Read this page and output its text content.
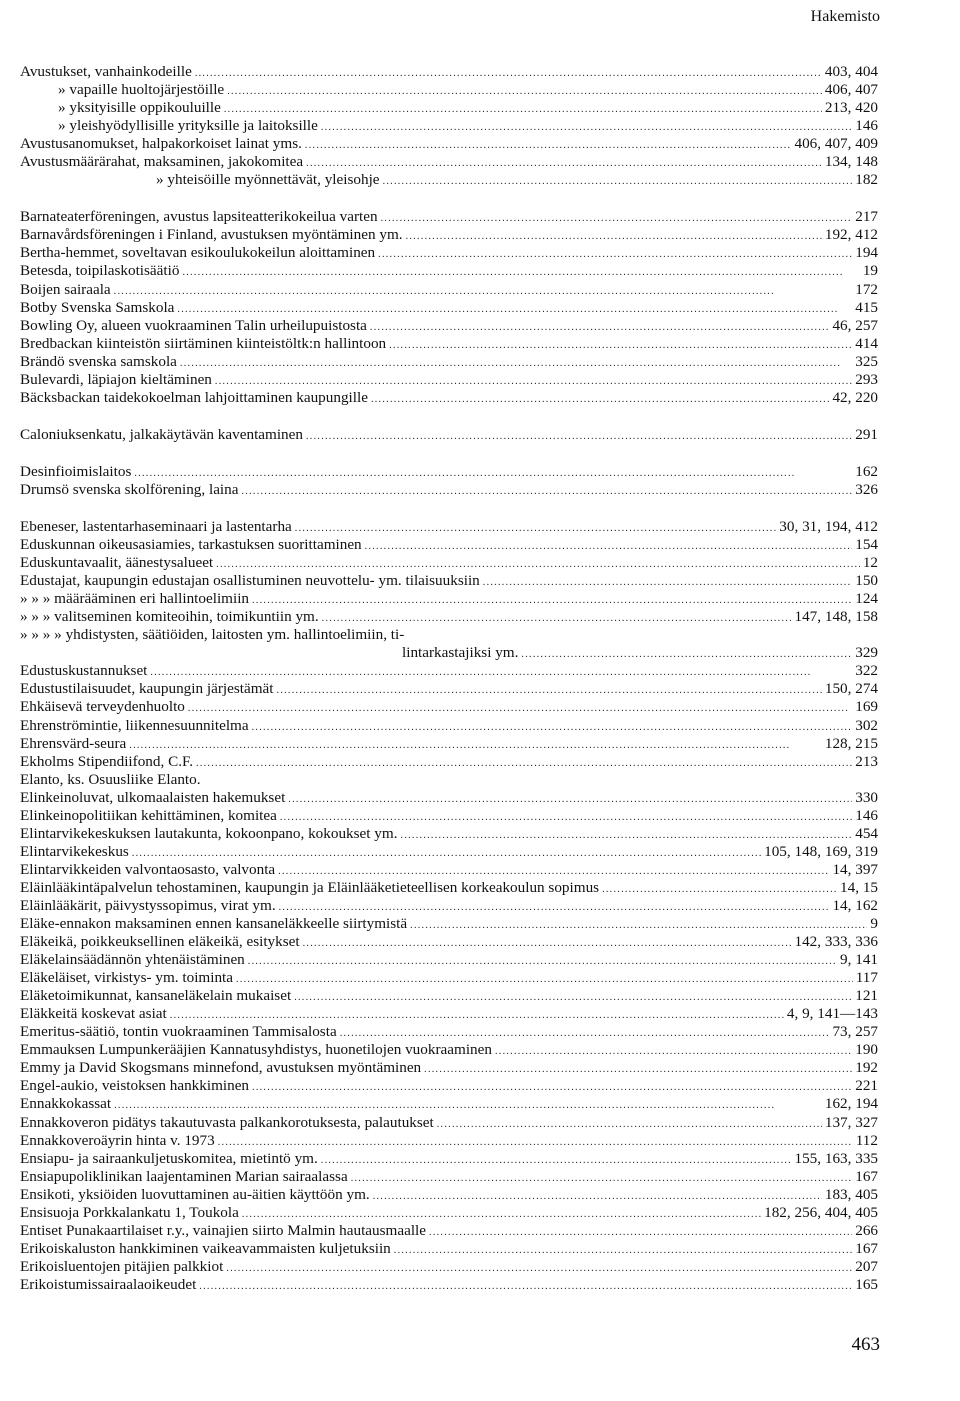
Hakemisto
Avustukset, vanhainkodeille .....	403, 404
» vapaille huoltojärjestöille .....	406, 407
» yksityisille oppikouluille .....	213, 420
» yleishyödyllisille yrityksille ja laitoksille .....	146
Avustusanomukset, halpakorkoiset lainat yms. .....	406, 407, 409
Avustusmäärärahat, maksaminen, jakokomitea .....	134, 148
» yhteisöille myönnettävät, yleisohje .....	182
Barnateaterföreningen, avustus lapsiteatterikokeilua varten .....	217
Barnavårdsföreningen i Finland, avustuksen myöntäminen ym. .....	192, 412
Bertha-hemmet, soveltavan esikoulukokeilun aloittaminen .....	194
Betesda, toipilaskotisäätiö .....	19
Boijen sairaala .....	172
Botby Svenska Samskola .....	415
Bowling Oy, alueen vuokraaminen Talin urheilupuistosta .....	46, 257
Bredbackan kiinteistön siirtäminen kiinteistöltk:n hallintoon .....	414
Brändö svenska samskola .....	325
Bulevardi, läpiajon kieltäminen .....	293
Bäcksbackan taidekokoelman lahjoittaminen kaupungille .....	42, 220
Caloniuksenkatu, jalkakäytävän kaventaminen .....	291
Desinfioimislaitos .....	162
Drumsö svenska skolförening, laina .....	326
Ebeneser, lastentarhaseminaari ja lastentarha .....	30, 31, 194, 412
Eduskunnan oikeusasiamies, tarkastuksen suorittaminen .....	154
Eduskuntavaalit, äänestysalueet .....	12
Edustajat, kaupungin edustajan osallistuminen neuvottelu- ym. tilaisuuksiin .....	150
» » » määrääminen eri hallintoelimiin .....	124
» » » valitseminen komiteoihin, toimikuntiin ym. .....	147, 148, 158
» » » » yhdistysten, säätiöiden, laitosten ym. hallintoelimiin, ti-
lintarkastajiksi ym. .....	329
Edustuskustannukset .....	322
Edustustilaisuudet, kaupungin järjestämät .....	150, 274
Ehkäisevä terveydenhuolto .....	169
Ehrenströmintie, liikennesuunnitelma .....	302
Ehrensvärd-seura .....	128, 215
Ekholms Stipendiifond, C.F. .....	213
Elanto, ks. Osuusliike Elanto.
Elinkeinoluvat, ulkomaalaisten hakemukset .....	330
Elinkeinopolitiikan kehittäminen, komitea .....	146
Elintarvikekeskuksen lautakunta, kokoonpano, kokoukset ym. .....	454
Elintarvikekeskus .....	105, 148, 169, 319
Elintarvikkeiden valvontaosasto, valvonta .....	14, 397
Eläinlääkintäpalvelun tehostaminen, kaupungin ja Eläinlääketieteellisen korkeakoulun sopimus .....	14, 15
Eläinlääkärit, päivystyssopimus, virat ym. .....	14, 162
Eläke-ennakon maksaminen ennen kansaneläkkeelle siirtymistä .....	9
Eläkeikä, poikkeuksellinen eläkeikä, esitykset .....	142, 333, 336
Eläkelainsäädännön yhtenäistäminen .....	9, 141
Eläkeläiset, virkistys- ym. toiminta .....	117
Eläketoimikunnat, kansaneläkelain mukaiset .....	121
Eläkkeitä koskevat asiat .....	4, 9, 141—143
Emeritus-säätiö, tontin vuokraaminen Tammisalosta .....	73, 257
Emmauksen Lumpunkerääjien Kannatusyhdistys, huonetilojen vuokraaminen .....	190
Emmy ja David Skogsmans minnefond, avustuksen myöntäminen .....	192
Engel-aukio, veistoksen hankkiminen .....	221
Ennakkokassat .....	162, 194
Ennakkoveron pidätys takautuvasta palkankorotuksesta, palautukset .....	137, 327
Ennakkoveroäyrin hinta v. 1973 .....	112
Ensiapu- ja sairaankuljetuskomitea, mietintö ym. .....	155, 163, 335
Ensiapupoliklinikan laajentaminen Marian sairaalassa .....	167
Ensikoti, yksiöiden luovuttaminen au-äitien käyttöön ym. .....	183, 405
Ensisuoja Porkkalankatu 1, Toukola .....	182, 256, 404, 405
Entiset Punakaartilaiset r.y., vainajien siirto Malmin hautausmaalle .....	266
Erikoiskaluston hankkiminen vaikeavammaisten kuljetuksiin .....	167
Erikoisluentojen pitäjien palkkiot .....	207
Erikoistumissairaalaoikeudet .....	165
463
